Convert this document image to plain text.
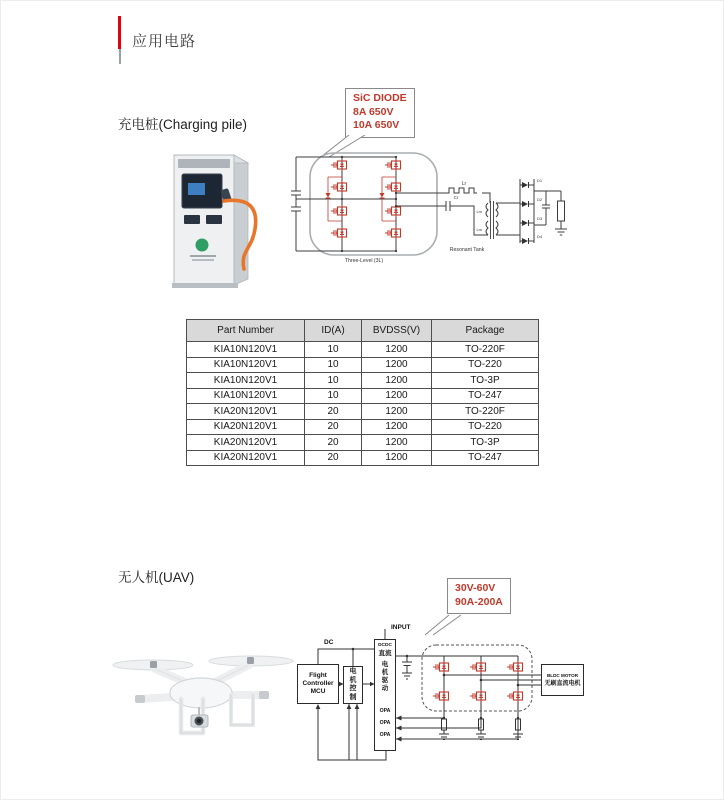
应用电路
充电桩(Charging pile)
SiC DIODE
8A 650V
10A 650V
Lr
Cr
Lm
Lm
D1
D2
D3
D4
Three-Level (3L)
Resonant Tank
Part Number	ID(A)	BVDSS(V)	Package
KIA10N120V1	10	1200	TO-220F
KIA10N120V1	10	1200	TO-220
KIA10N120V1	10	1200	TO-3P
KIA10N120V1	10	1200	TO-247
KIA20N120V1	20	1200	TO-220F
KIA20N120V1	20	1200	TO-220
KIA20N120V1	20	1200	TO-3P
KIA20N120V1	20	1200	TO-247
无人机(UAV)
30V-60V
90A-200A
DC
INPUT
Flight
Controller
MCU
电机控制
DCDC
直流
电机驱动
OPA
OPA
OPA
BLDC MOTOR
无刷直流电机
